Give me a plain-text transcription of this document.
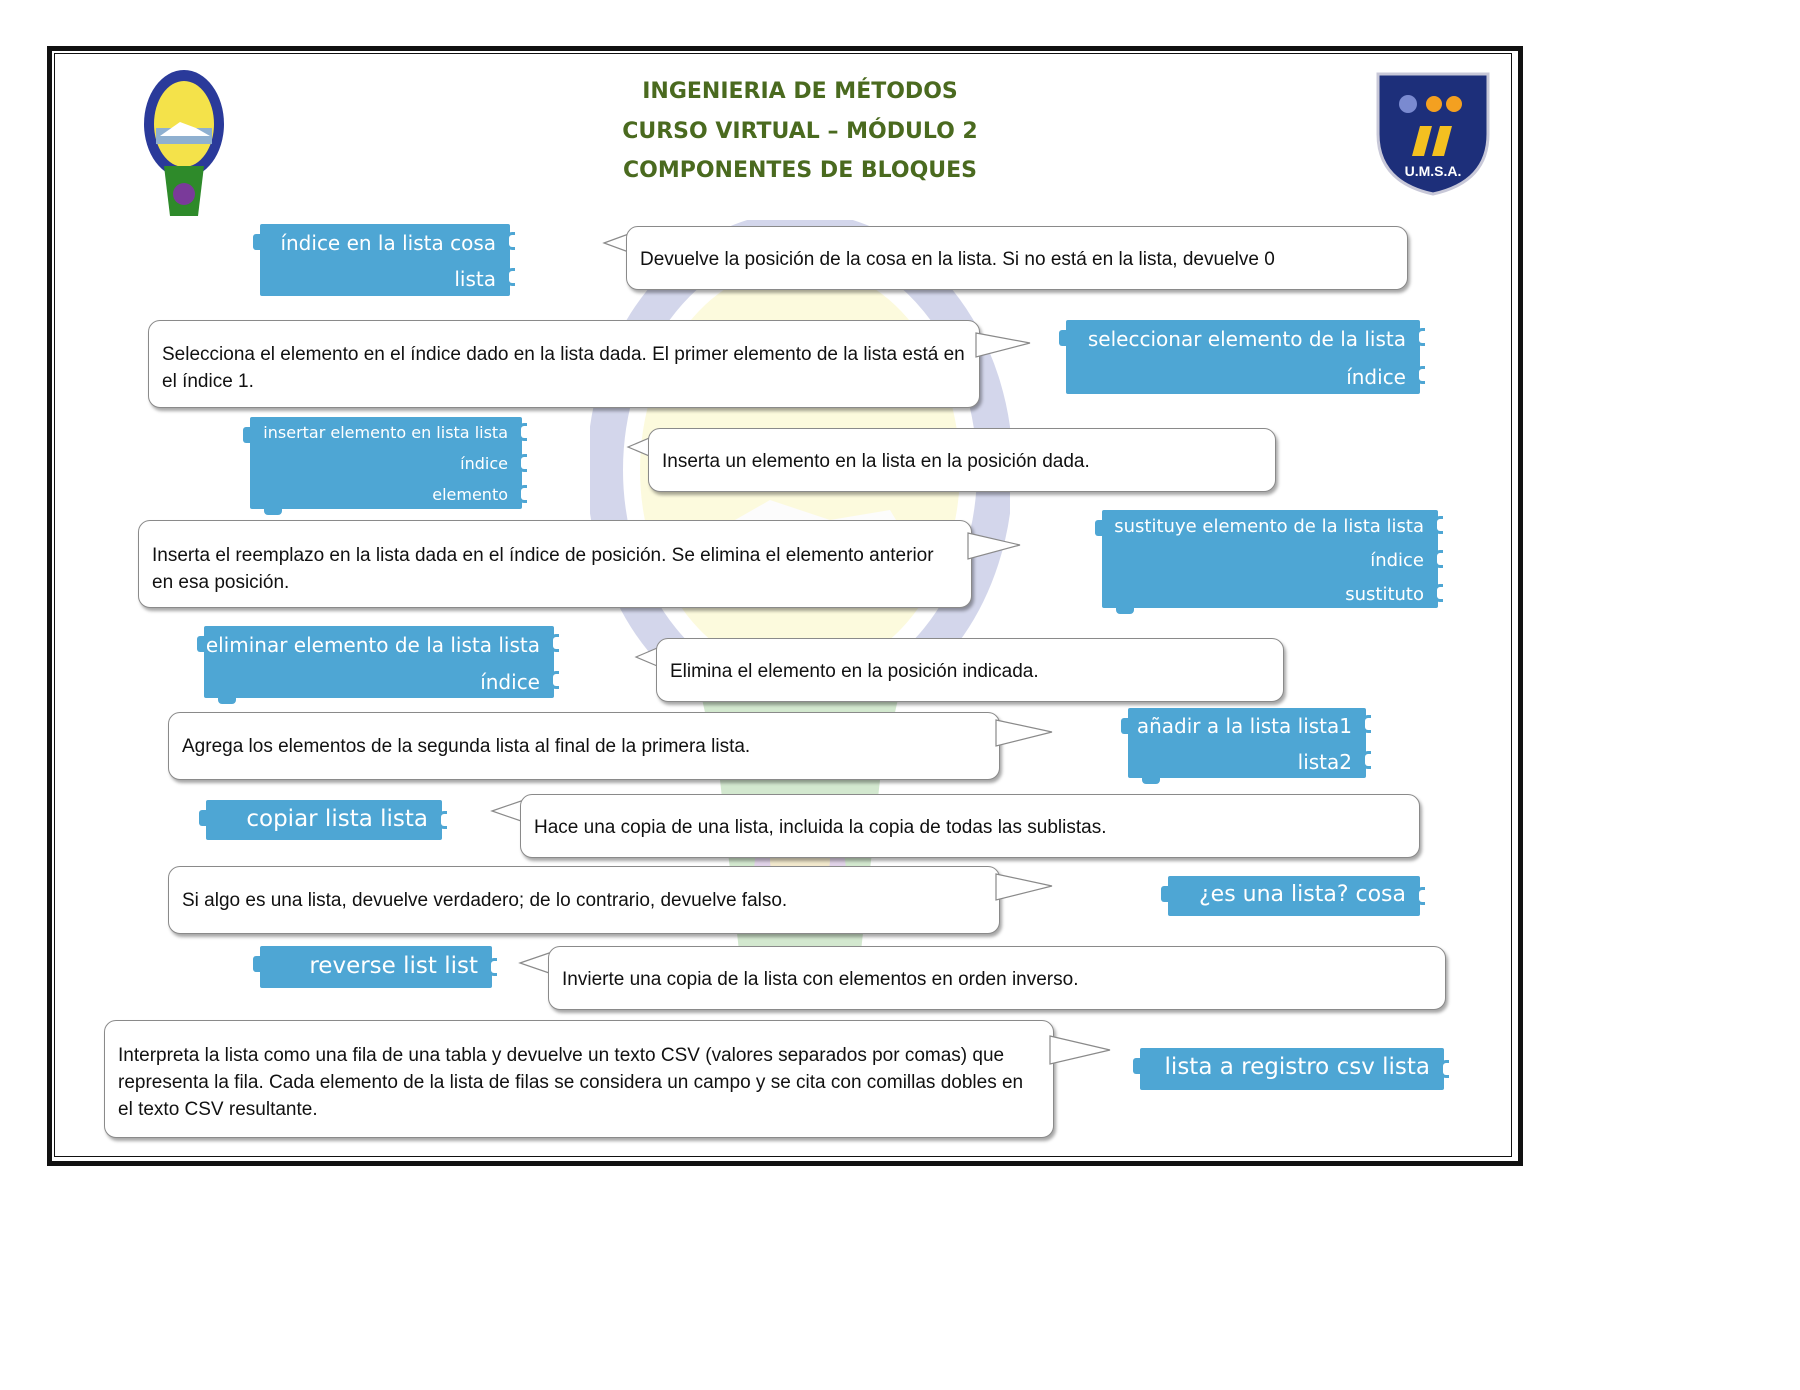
U.M.S.A.
INGENIERIA DE MÉTODOS
CURSO VIRTUAL – MÓDULO 2
COMPONENTES DE BLOQUES
índice en la lista cosa
lista
Devuelve la posición de la cosa en la lista. Si no está en la lista, devuelve 0
Selecciona el elemento en el índice dado en la lista dada. El primer elemento de la lista está en el índice 1.
seleccionar elemento de la lista
índice
insertar elemento en lista lista
índice
elemento
Inserta un elemento en la lista en la posición dada.
Inserta el reemplazo en la lista dada en el índice de posición. Se elimina el elemento anterior en esa posición.
sustituye elemento de la lista lista
índice
sustituto
eliminar elemento de la lista lista
índice	Elimina el elemento en la posición indicada.
Agrega los elementos de la segunda lista al final de la primera lista.
añadir a la lista lista1
lista2
copiar lista lista	Hace una copia de una lista, incluida la copia de todas las sublistas.
Si algo es una lista, devuelve verdadero; de lo contrario, devuelve falso.	¿es una lista? cosa
reverse list list
Invierte una copia de la lista con elementos en orden inverso.
Interpreta la lista como una fila de una tabla y devuelve un texto CSV (valores separados por comas) que representa la fila. Cada elemento de la lista de filas se considera un campo y se cita con comillas dobles en el texto CSV resultante.
lista a registro csv lista
